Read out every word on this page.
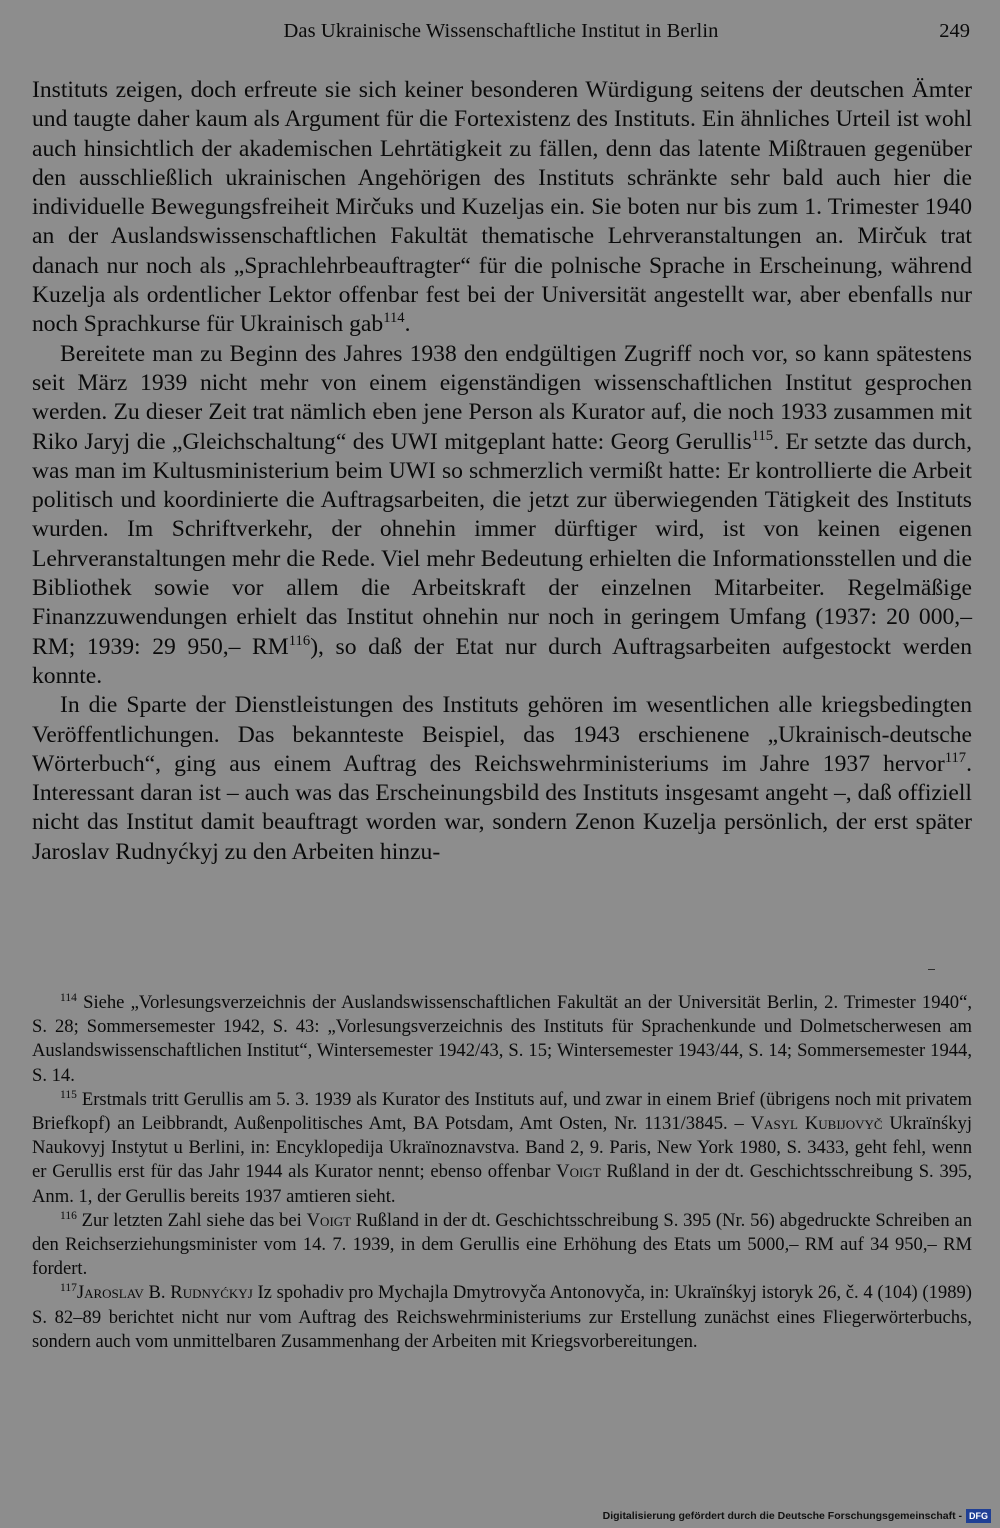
Das Ukrainische Wissenschaftliche Institut in Berlin	249

Instituts zeigen, doch erfreute sie sich keiner besonderen Würdigung seitens der deutschen Ämter und taugte daher kaum als Argument für die Fortexistenz des Instituts. Ein ähnliches Urteil ist wohl auch hinsichtlich der akademischen Lehrtätigkeit zu fällen, denn das latente Mißtrauen gegenüber den ausschließlich ukrainischen Angehörigen des Instituts schränkte sehr bald auch hier die individuelle Bewegungsfreiheit Mirčuks und Kuzeljas ein. Sie boten nur bis zum 1. Trimester 1940 an der Auslandswissenschaftlichen Fakultät thematische Lehrveranstaltungen an. Mirčuk trat danach nur noch als „Sprachlehrbeauftragter“ für die polnische Sprache in Erscheinung, während Kuzelja als ordentlicher Lektor offenbar fest bei der Universität angestellt war, aber ebenfalls nur noch Sprachkurse für Ukrainisch gab$^{114}$.

Bereitete man zu Beginn des Jahres 1938 den endgültigen Zugriff noch vor, so kann spätestens seit März 1939 nicht mehr von einem eigenständigen wissenschaftlichen Institut gesprochen werden. Zu dieser Zeit trat nämlich eben jene Person als Kurator auf, die noch 1933 zusammen mit Riko Jaryj die „Gleichschaltung“ des UWI mitgeplant hatte: Georg Gerullis$^{115}$. Er setzte das durch, was man im Kultusministerium beim UWI so schmerzlich vermißt hatte: Er kontrollierte die Arbeit politisch und koordinierte die Auftragsarbeiten, die jetzt zur überwiegenden Tätigkeit des Instituts wurden. Im Schriftverkehr, der ohnehin immer dürftiger wird, ist von keinen eigenen Lehrveranstaltungen mehr die Rede. Viel mehr Bedeutung erhielten die Informationsstellen und die Bibliothek sowie vor allem die Arbeitskraft der einzelnen Mitarbeiter. Regelmäßige Finanzzuwendungen erhielt das Institut ohnehin nur noch in geringem Umfang (1937: 20 000,– RM; 1939: 29 950,– RM$^{116}$), so daß der Etat nur durch Auftragsarbeiten aufgestockt werden konnte.

In die Sparte der Dienstleistungen des Instituts gehören im wesentlichen alle kriegsbedingten Veröffentlichungen. Das bekannteste Beispiel, das 1943 erschienene „Ukrainisch-deutsche Wörterbuch“, ging aus einem Auftrag des Reichswehrministeriums im Jahre 1937 hervor$^{117}$. Interessant daran ist – auch was das Erscheinungsbild des Instituts insgesamt angeht –, daß offiziell nicht das Institut damit beauftragt worden war, sondern Zenon Kuzelja persönlich, der erst später Jaroslav Rudnyćkyj zu den Arbeiten hinzu-

$^{114}$ Siehe „Vorlesungsverzeichnis der Auslandswissenschaftlichen Fakultät an der Universität Berlin, 2. Trimester 1940“, S. 28; Sommersemester 1942, S. 43: „Vorlesungsverzeichnis des Instituts für Sprachenkunde und Dolmetscherwesen am Auslandswissenschaftlichen Institut“, Wintersemester 1942/43, S. 15; Wintersemester 1943/44, S. 14; Sommersemester 1944, S. 14.

$^{115}$ Erstmals tritt Gerullis am 5. 3. 1939 als Kurator des Instituts auf, und zwar in einem Brief (übrigens noch mit privatem Briefkopf) an Leibbrandt, Außenpolitisches Amt, BA Potsdam, Amt Osten, Nr. 1131/3845. – Vasyl Kubijovyč Ukraïnśkyj Naukovyj Instytut u Berlini, in: Encyklopedija Ukraïnoznavstva. Band 2, 9. Paris, New York 1980, S. 3433, geht fehl, wenn er Gerullis erst für das Jahr 1944 als Kurator nennt; ebenso offenbar Voigt Rußland in der dt. Geschichtsschreibung S. 395, Anm. 1, der Gerullis bereits 1937 amtieren sieht.

$^{116}$ Zur letzten Zahl siehe das bei Voigt Rußland in der dt. Geschichtsschreibung S. 395 (Nr. 56) abgedruckte Schreiben an den Reichserziehungsminister vom 14. 7. 1939, in dem Gerullis eine Erhöhung des Etats um 5000,– RM auf 34 950,– RM fordert.

$^{117}$Jaroslav B. Rudnyćkyj Iz spohadiv pro Mychajla Dmytrovyča Antonovyča, in: Ukraïnśkyj istoryk 26, č. 4 (104) (1989) S. 82–89 berichtet nicht nur vom Auftrag des Reichswehrministeriums zur Erstellung zunächst eines Fliegerwörterbuchs, sondern auch vom unmittelbaren Zusammenhang der Arbeiten mit Kriegsvorbereitungen.

Digitalisierung gefördert durch die Deutsche Forschungsgemeinschaft - DFG
